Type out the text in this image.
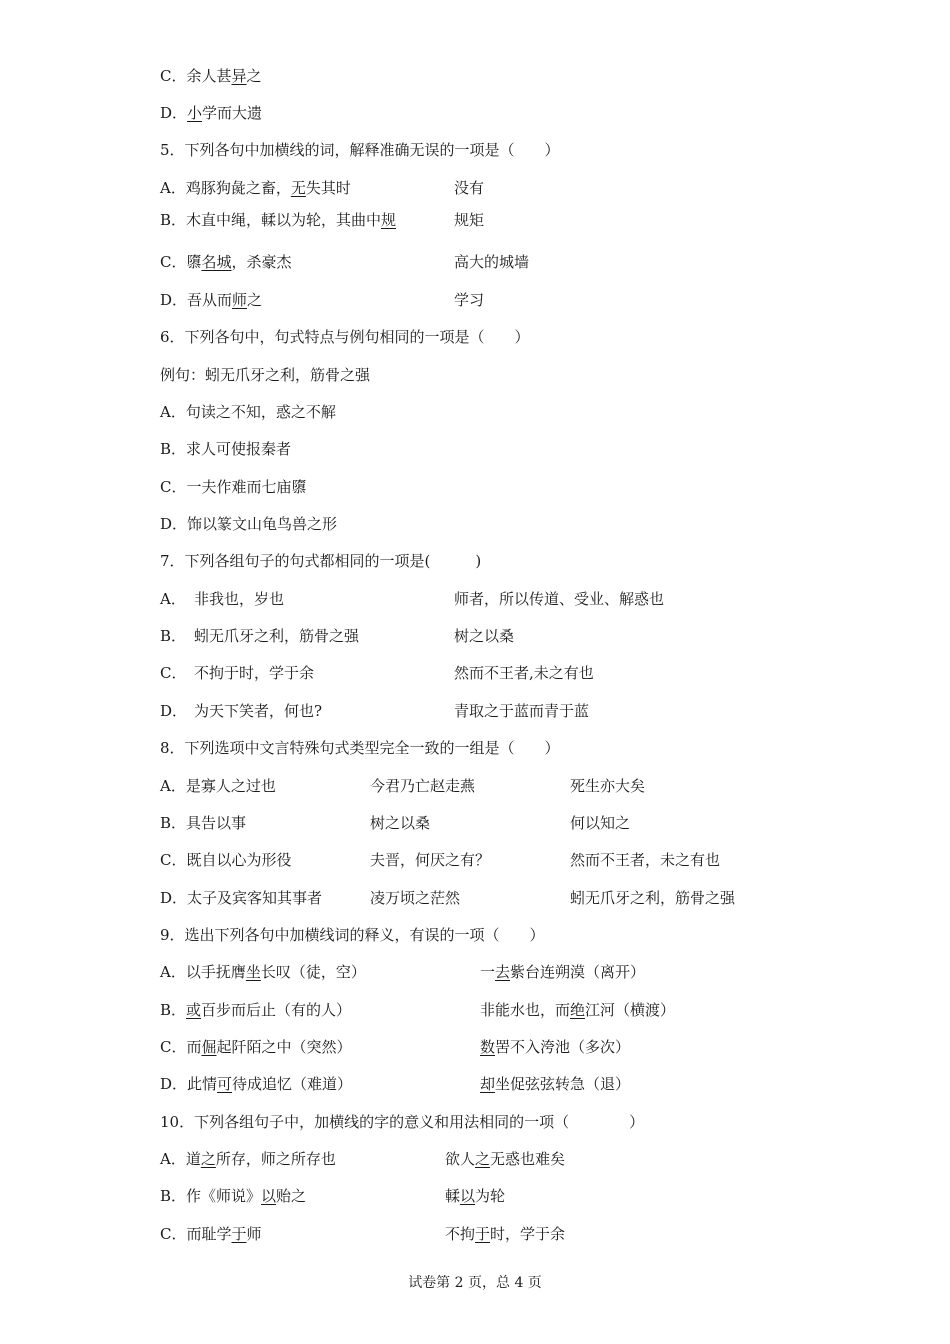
C．余人甚异之
D．小学而大遗
5．下列各句中加横线的词，解释准确无误的一项是（　　）
A．鸡豚狗彘之畜，无失其时	没有
B．木直中绳，輮以为轮，其曲中规	规矩
C．隳名城，杀豪杰	高大的城墙
D．吾从而师之	学习
6．下列各句中，句式特点与例句相同的一项是（　　）
例句：蚓无爪牙之利，筋骨之强
A．句读之不知，惑之不解
B．求人可使报秦者
C．一夫作难而七庙隳
D．饰以篆文山龟鸟兽之形
7．下列各组句子的句式都相同的一项是(　　　)
A． 非我也，岁也	师者，所以传道、受业、解惑也
B． 蚓无爪牙之利，筋骨之强	树之以桑
C． 不拘于时，学于余	然而不王者,未之有也
D． 为天下笑者，何也?	青取之于蓝而青于蓝
8．下列选项中文言特殊句式类型完全一致的一组是（　　）
A．是寡人之过也	今君乃亡赵走燕	死生亦大矣
B．具告以事	树之以桑	何以知之
C．既自以心为形役	夫晋，何厌之有？	然而不王者，未之有也
D．太子及宾客知其事者	凌万顷之茫然	蚓无爪牙之利，筋骨之强
9．选出下列各句中加横线词的释义，有误的一项（　　）
A．以手抚膺坐长叹（徒，空）	一去紫台连朔漠（离开）
B．或百步而后止（有的人）	非能水也，而绝江河（横渡）
C．而倔起阡陌之中（突然）	数罟不入洿池（多次）
D．此情可待成追忆（难道）	却坐促弦弦转急（退）
10．下列各组句子中，加横线的字的意义和用法相同的一项（　　　　）
A．道之所存，师之所存也	欲人之无惑也难矣
B．作《师说》以贻之	輮以为轮
C．而耻学于师	不拘于时，学于余
试卷第 2 页，总 4 页
